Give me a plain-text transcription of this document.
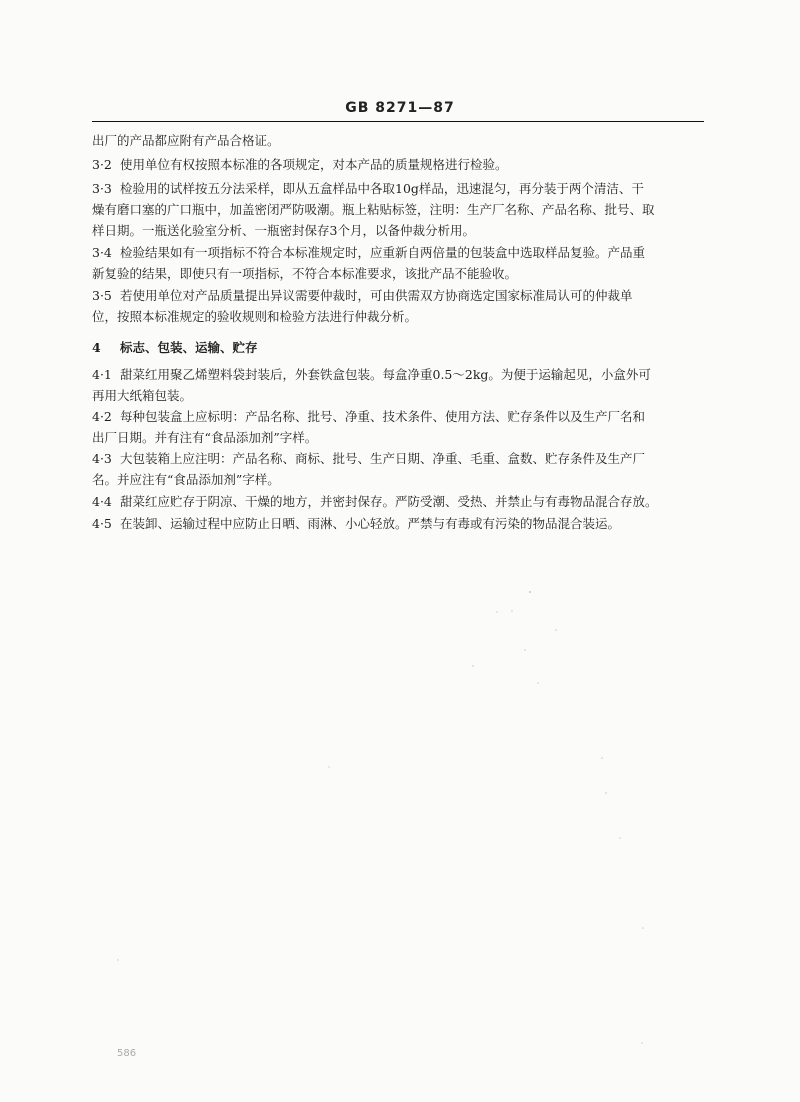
GB 8271—87
出厂的产品都应附有产品合格证。
3·2 使用单位有权按照本标准的各项规定，对本产品的质量规格进行检验。
3·3 检验用的试样按五分法采样，即从五盒样品中各取10g样品，迅速混匀，再分装于两个清洁、干
燥有磨口塞的广口瓶中，加盖密闭严防吸潮。瓶上粘贴标签，注明：生产厂名称、产品名称、批号、取
样日期。一瓶送化验室分析、一瓶密封保存3个月，以备仲裁分析用。
3·4 检验结果如有一项指标不符合本标准规定时，应重新自两倍量的包装盒中选取样品复验。产品重
新复验的结果，即使只有一项指标，不符合本标准要求，该批产品不能验收。
3·5 若使用单位对产品质量提出异议需要仲裁时，可由供需双方协商选定国家标准局认可的仲裁单
位，按照本标准规定的验收规则和检验方法进行仲裁分析。
4 标志、包装、运输、贮存
4·1 甜菜红用聚乙烯塑料袋封装后，外套铁盒包装。每盒净重0.5～2kg。为便于运输起见，小盒外可
再用大纸箱包装。
4·2 每种包装盒上应标明：产品名称、批号、净重、技术条件、使用方法、贮存条件以及生产厂名和
出厂日期。并有注有“食品添加剂”字样。
4·3 大包装箱上应注明：产品名称、商标、批号、生产日期、净重、毛重、盒数、贮存条件及生产厂
名。并应注有“食品添加剂”字样。
4·4 甜菜红应贮存于阴凉、干燥的地方，并密封保存。严防受潮、受热、并禁止与有毒物品混合存放。
4·5 在装卸、运输过程中应防止日晒、雨淋、小心轻放。严禁与有毒或有污染的物品混合装运。
586
